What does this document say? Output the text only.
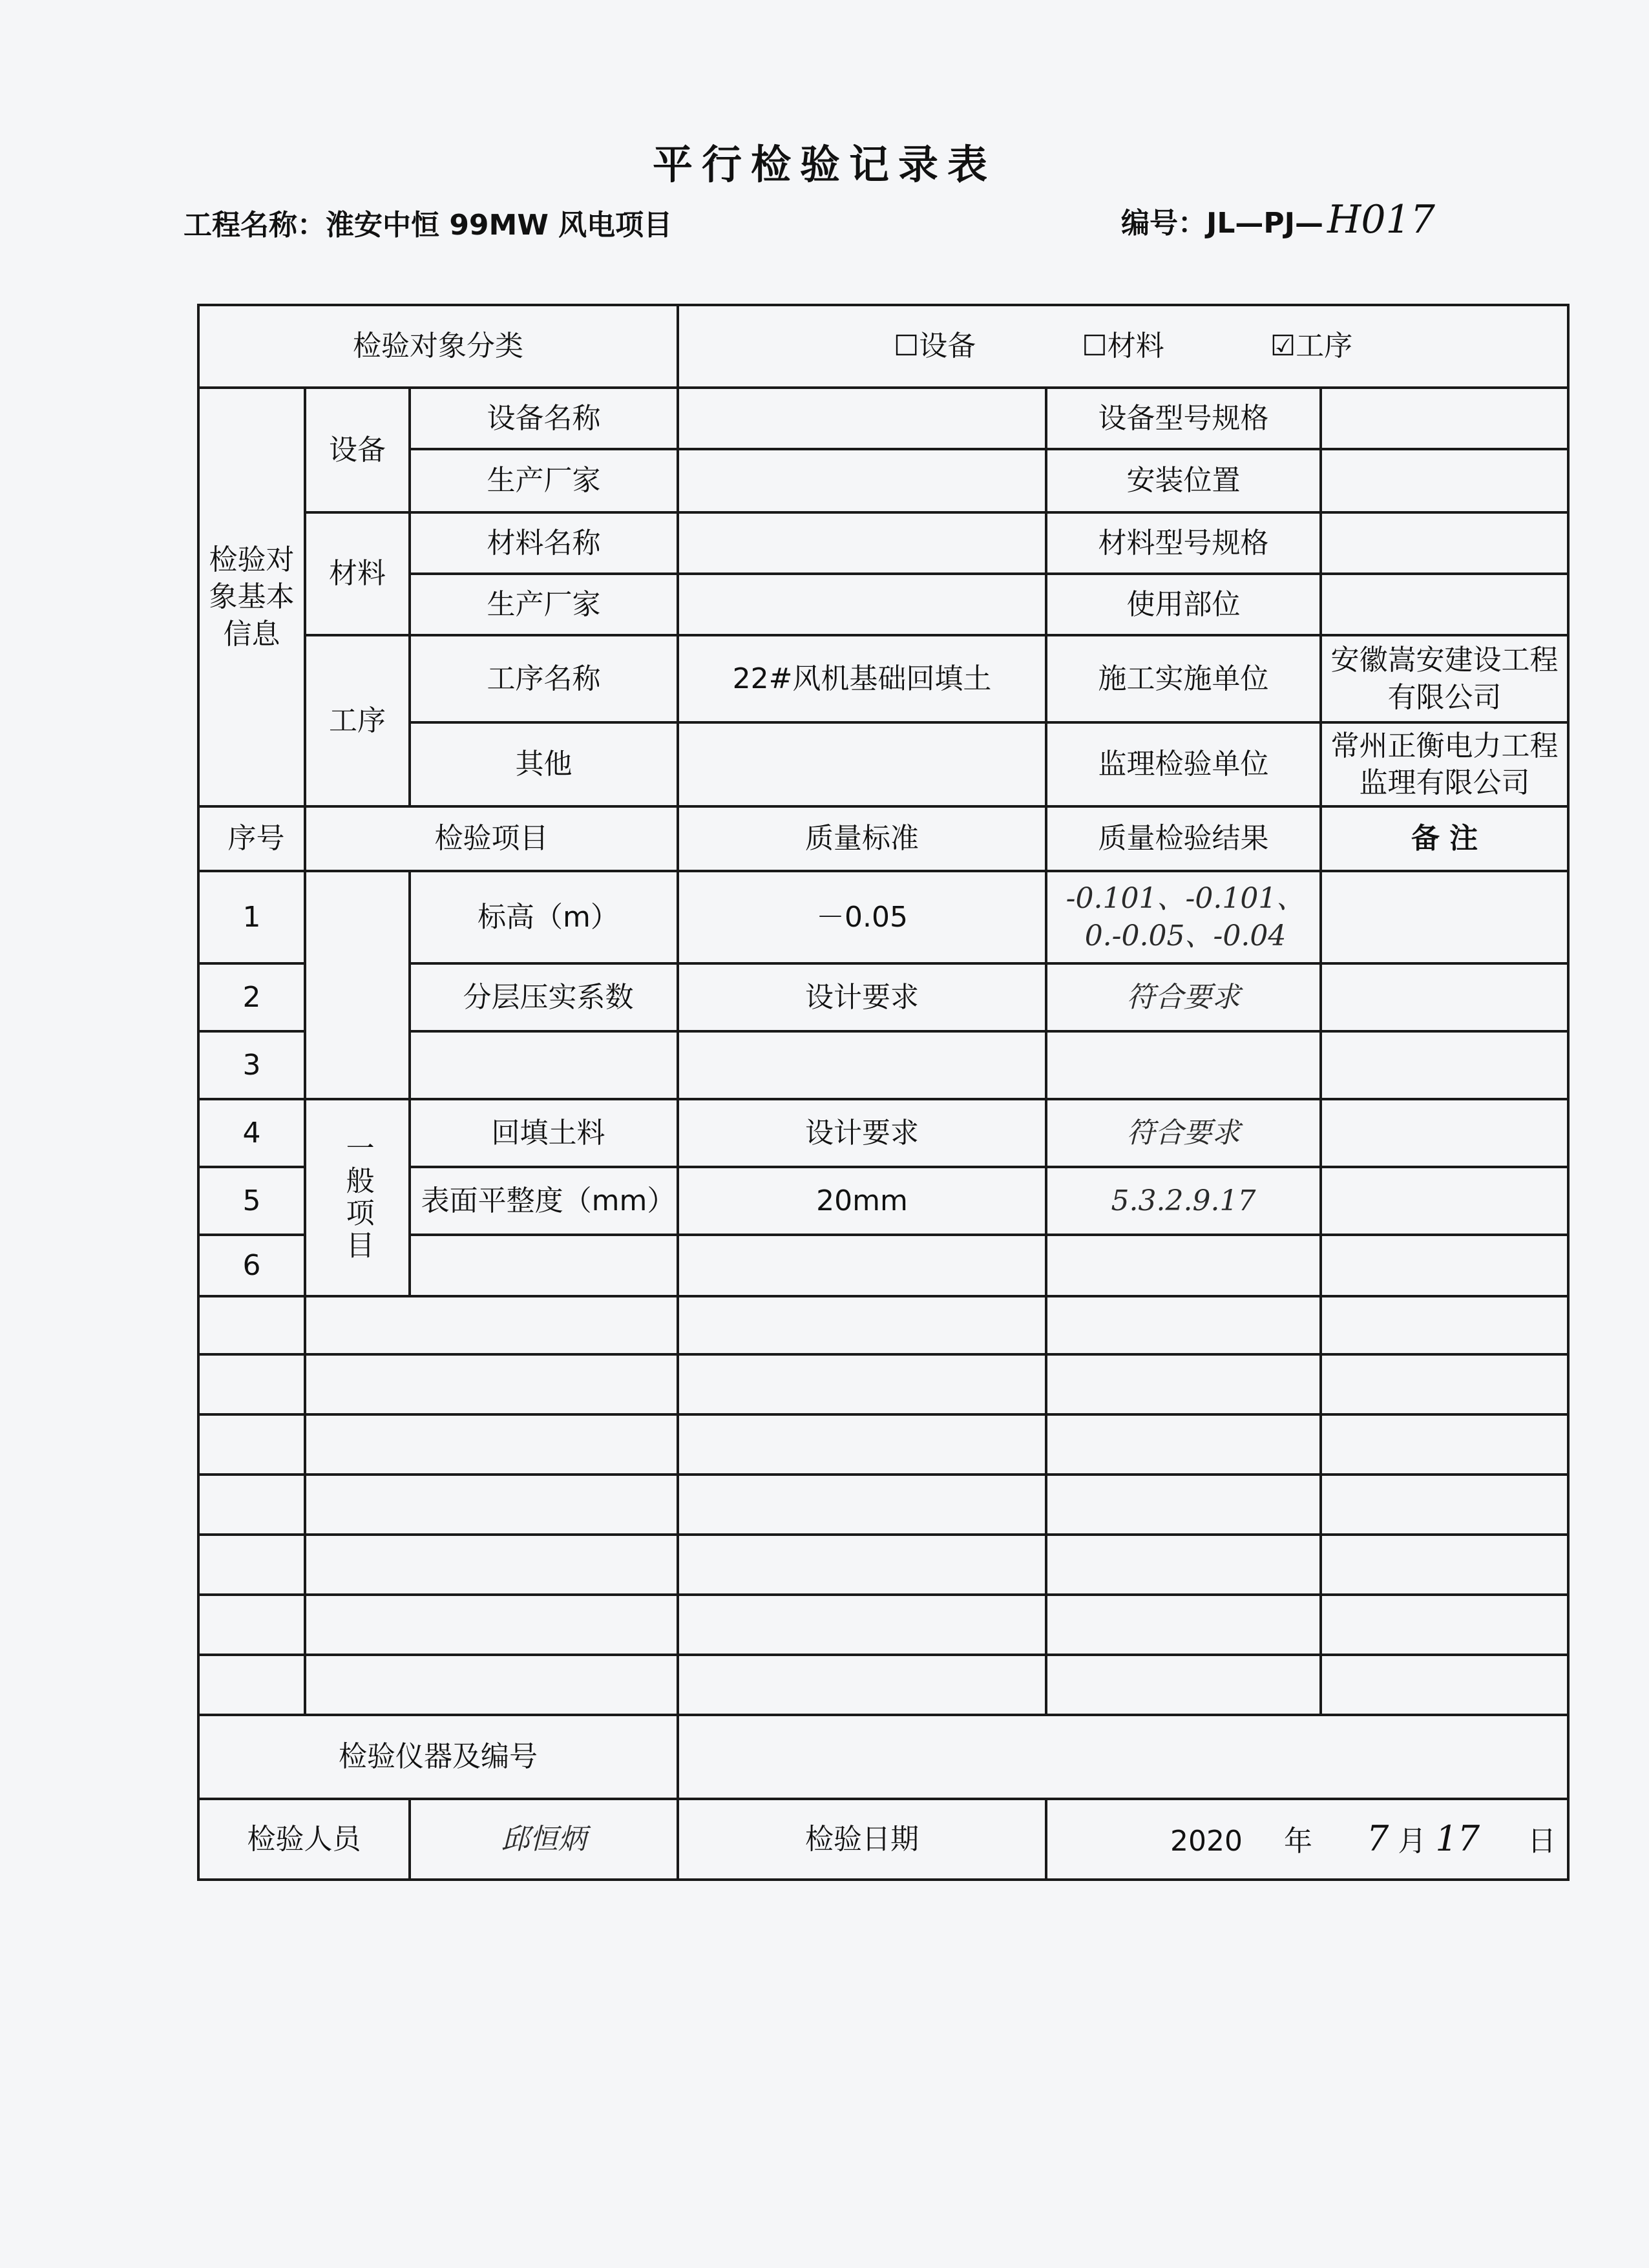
平行检验记录表
工程名称：淮安中恒 99MW 风电项目	编号：JL—PJ— H017
检验对象分类			☐设备 ☐材料 ☑工序		
检验对象基本信息	设备	设备名称		设备型号规格	
		生产厂家		安装位置	
	材料	材料名称		材料型号规格	
		生产厂家		使用部位	
	工序	工序名称	22#风机基础回填土	施工实施单位	安徽嵩安建设工程有限公司
		其他		监理检验单位	常州正衡电力工程监理有限公司
序号	检验项目		质量标准	质量检验结果	备 注
1		标高（m）	－0.05	-0.101、-0.101、0.-0.05、-0.04	
2		分层压实系数	设计要求	符合要求	
3					
4	一般项目	回填土料	设计要求	符合要求	
5		表面平整度（mm）	20mm	5.3.2.9.17	
6					

检验仪器及编号					
检验人员		邱恒炳	检验日期	2020 年 7 月 17 日	
